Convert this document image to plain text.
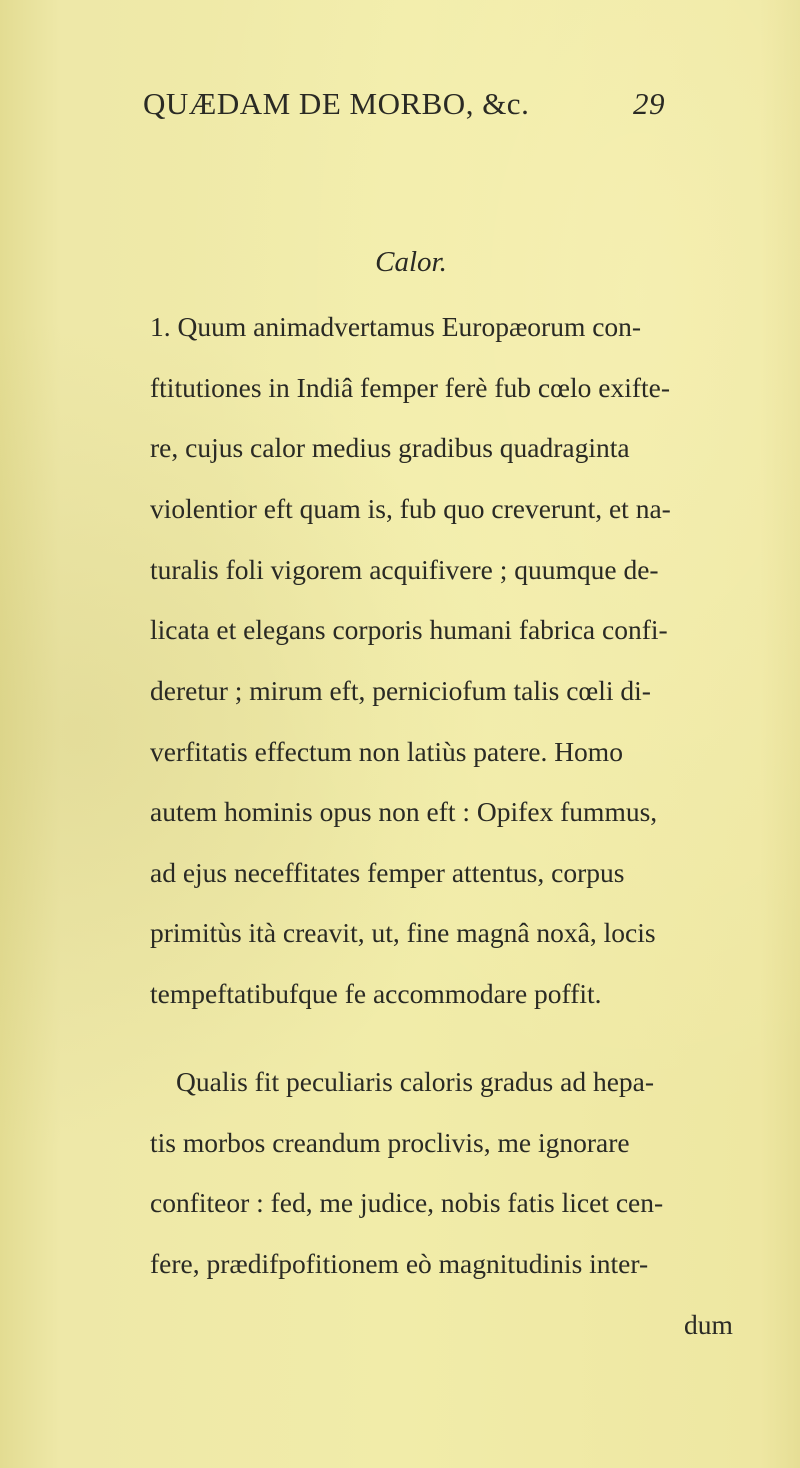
QUÆDAM DE MORBO, &c.	29
Calor.
1. Quum animadvertamus Europæorum con-
ftitutiones in Indiâ femper ferè fub cœlo exifte-
re, cujus calor medius gradibus quadraginta
violentior eft quam is, fub quo creverunt, et na-
turalis foli vigorem acquifivere ; quumque de-
licata et elegans corporis humani fabrica confi-
deretur ; mirum eft, perniciofum talis cœli di-
verfitatis effectum non latiùs patere. Homo
autem hominis opus non eft : Opifex fummus,
ad ejus neceffitates femper attentus, corpus
primitùs ità creavit, ut, fine magnâ noxâ, locis
tempeftatibufque fe accommodare poffit.
Qualis fit peculiaris caloris gradus ad hepa-
tis morbos creandum proclivis, me ignorare
confiteor : fed, me judice, nobis fatis licet cen-
fere, prædifpofitionem eò magnitudinis inter-
dum
